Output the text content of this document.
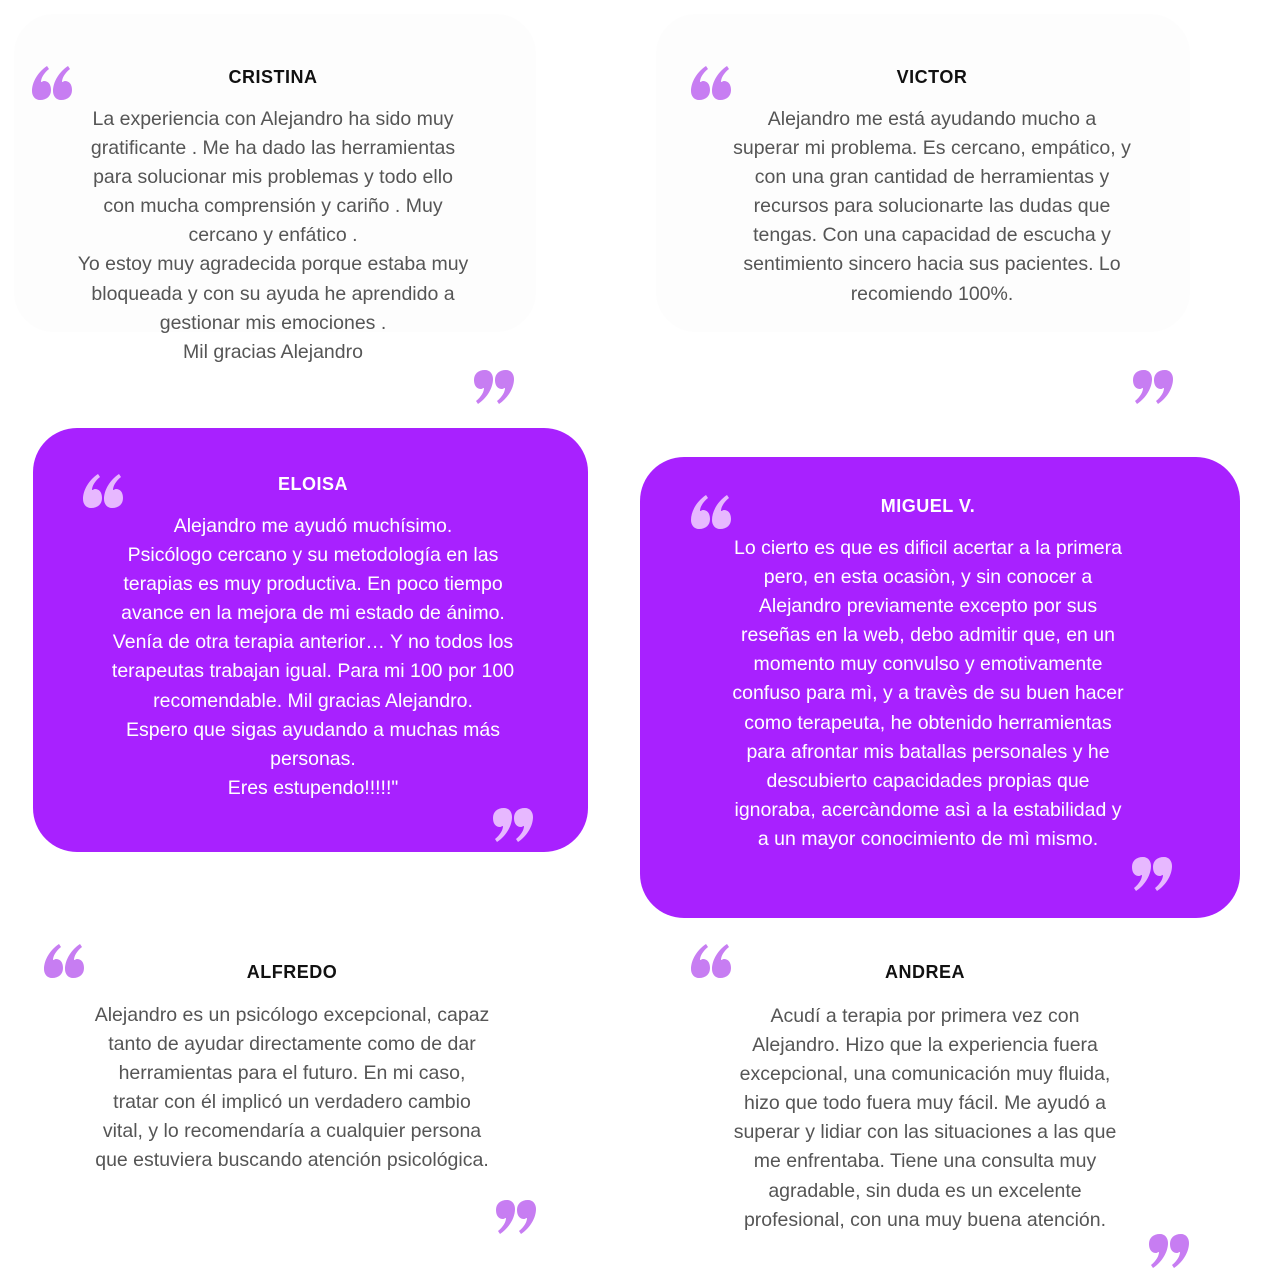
CRISTINA
La experiencia con Alejandro ha sido muy
gratificante . Me ha dado las herramientas
para solucionar mis problemas y todo ello
con mucha comprensión y cariño . Muy
cercano y enfático .
Yo estoy muy agradecida porque estaba muy
bloqueada y con su ayuda he aprendido a
gestionar mis emociones .
Mil gracias Alejandro
VICTOR
Alejandro me está ayudando mucho a
superar mi problema. Es cercano, empático, y
con una gran cantidad de herramientas y
recursos para solucionarte las dudas que
tengas. Con una capacidad de escucha y
sentimiento sincero hacia sus pacientes. Lo
recomiendo 100%.
ELOISA
Alejandro me ayudó muchísimo.
Psicólogo cercano y su metodología en las
terapias es muy productiva. En poco tiempo
avance en la mejora de mi estado de ánimo.
Venía de otra terapia anterior… Y no todos los
terapeutas trabajan igual. Para mi 100 por 100
recomendable. Mil gracias Alejandro.
Espero que sigas ayudando a muchas más
personas.
Eres estupendo!!!!!"
MIGUEL V.
Lo cierto es que es dificil acertar a la primera
pero, en esta ocasiòn, y sin conocer a
Alejandro previamente excepto por sus
reseñas en la web, debo admitir que, en un
momento muy convulso y emotivamente
confuso para mì, y a travès de su buen hacer
como terapeuta, he obtenido herramientas
para afrontar mis batallas personales y he
descubierto capacidades propias que
ignoraba, acercàndome asì a la estabilidad y
a un mayor conocimiento de mì mismo.
ALFREDO
Alejandro es un psicólogo excepcional, capaz
tanto de ayudar directamente como de dar
herramientas para el futuro. En mi caso,
tratar con él implicó un verdadero cambio
vital, y lo recomendaría a cualquier persona
que estuviera buscando atención psicológica.
ANDREA
Acudí a terapia por primera vez con
Alejandro. Hizo que la experiencia fuera
excepcional, una comunicación muy fluida,
hizo que todo fuera muy fácil. Me ayudó a
superar y lidiar con las situaciones a las que
me enfrentaba. Tiene una consulta muy
agradable, sin duda es un excelente
profesional, con una muy buena atención.
